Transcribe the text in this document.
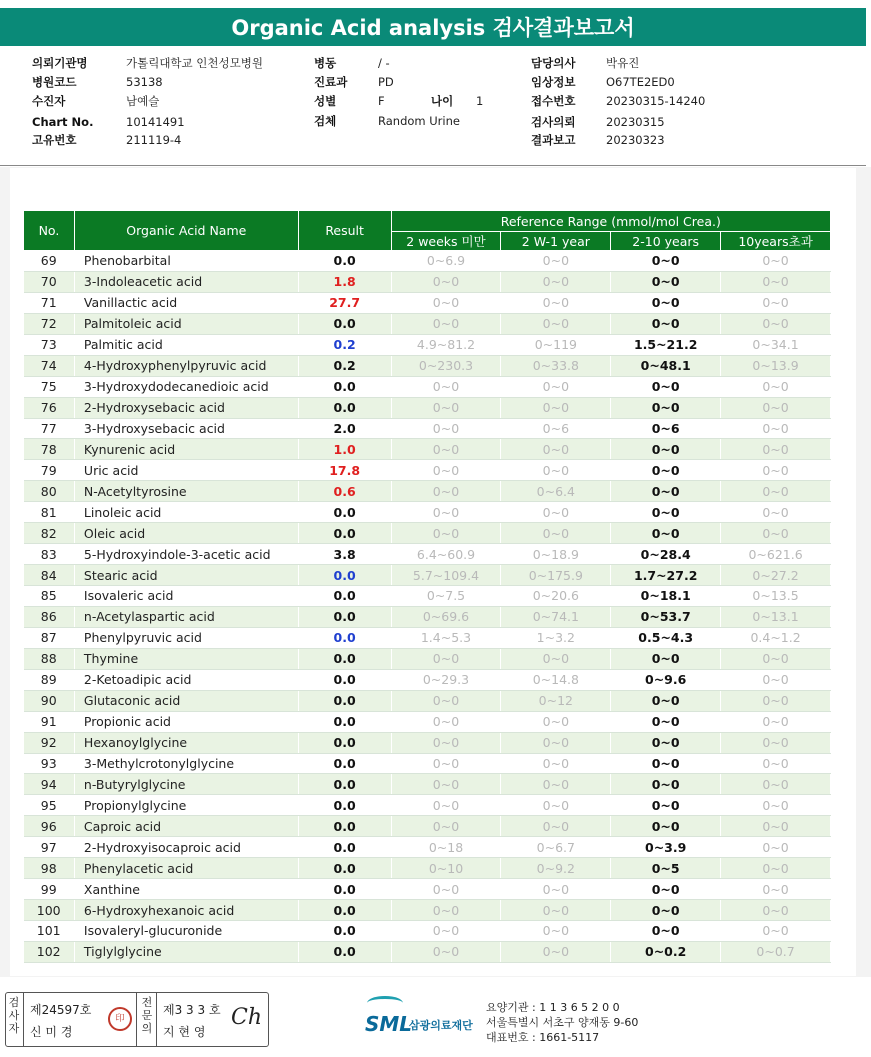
Organic Acid analysis 검사결과보고서
의뢰기관명	가톨릭대학교 인천성모병원
병원코드	53138
수진자	남예슬
Chart No.	10141491
고유번호	211119-4
병동	/ -
진료과	PD
성별	F	나이 1
검체	Random Urine
담당의사	박유진
임상정보	O67TE2ED0
접수번호	20230315-14240
검사의뢰	20230315
결과보고	20230323
No.	Organic Acid Name	Result	Reference Range (mmol/mol Crea.)			
			2 weeks 미만	2 W-1 year	2-10 years	10years초과
69	Phenobarbital	0.0	0~6.9	0~0	0~0	0~0
70	3-Indoleacetic acid	1.8	0~0	0~0	0~0	0~0
71	Vanillactic acid	27.7	0~0	0~0	0~0	0~0
72	Palmitoleic acid	0.0	0~0	0~0	0~0	0~0
73	Palmitic acid	0.2	4.9~81.2	0~119	1.5~21.2	0~34.1
74	4-Hydroxyphenylpyruvic acid	0.2	0~230.3	0~33.8	0~48.1	0~13.9
75	3-Hydroxydodecanedioic acid	0.0	0~0	0~0	0~0	0~0
76	2-Hydroxysebacic acid	0.0	0~0	0~0	0~0	0~0
77	3-Hydroxysebacic acid	2.0	0~0	0~6	0~6	0~0
78	Kynurenic acid	1.0	0~0	0~0	0~0	0~0
79	Uric acid	17.8	0~0	0~0	0~0	0~0
80	N-Acetyltyrosine	0.6	0~0	0~6.4	0~0	0~0
81	Linoleic acid	0.0	0~0	0~0	0~0	0~0
82	Oleic acid	0.0	0~0	0~0	0~0	0~0
83	5-Hydroxyindole-3-acetic acid	3.8	6.4~60.9	0~18.9	0~28.4	0~621.6
84	Stearic acid	0.0	5.7~109.4	0~175.9	1.7~27.2	0~27.2
85	Isovaleric acid	0.0	0~7.5	0~20.6	0~18.1	0~13.5
86	n-Acetylaspartic acid	0.0	0~69.6	0~74.1	0~53.7	0~13.1
87	Phenylpyruvic acid	0.0	1.4~5.3	1~3.2	0.5~4.3	0.4~1.2
88	Thymine	0.0	0~0	0~0	0~0	0~0
89	2-Ketoadipic acid	0.0	0~29.3	0~14.8	0~9.6	0~0
90	Glutaconic acid	0.0	0~0	0~12	0~0	0~0
91	Propionic acid	0.0	0~0	0~0	0~0	0~0
92	Hexanoylglycine	0.0	0~0	0~0	0~0	0~0
93	3-Methylcrotonylglycine	0.0	0~0	0~0	0~0	0~0
94	n-Butyrylglycine	0.0	0~0	0~0	0~0	0~0
95	Propionylglycine	0.0	0~0	0~0	0~0	0~0
96	Caproic acid	0.0	0~0	0~0	0~0	0~0
97	2-Hydroxyisocaproic acid	0.0	0~18	0~6.7	0~3.9	0~0
98	Phenylacetic acid	0.0	0~10	0~9.2	0~5	0~0
99	Xanthine	0.0	0~0	0~0	0~0	0~0
100	6-Hydroxyhexanoic acid	0.0	0~0	0~0	0~0	0~0
101	Isovaleryl-glucuronide	0.0	0~0	0~0	0~0	0~0
102	Tiglylglycine	0.0	0~0	0~0	0~0.2	0~0.7
검
사
자
제24597호
신 미 경
印
전
문
의
제3 3 3 호
지 현 영
Ch	SML
삼광의료재단
요양기관 : 1 1 3 6 5 2 0 0
서울특별시 서초구 양재동 9-60
대표번호 : 1661-5117
